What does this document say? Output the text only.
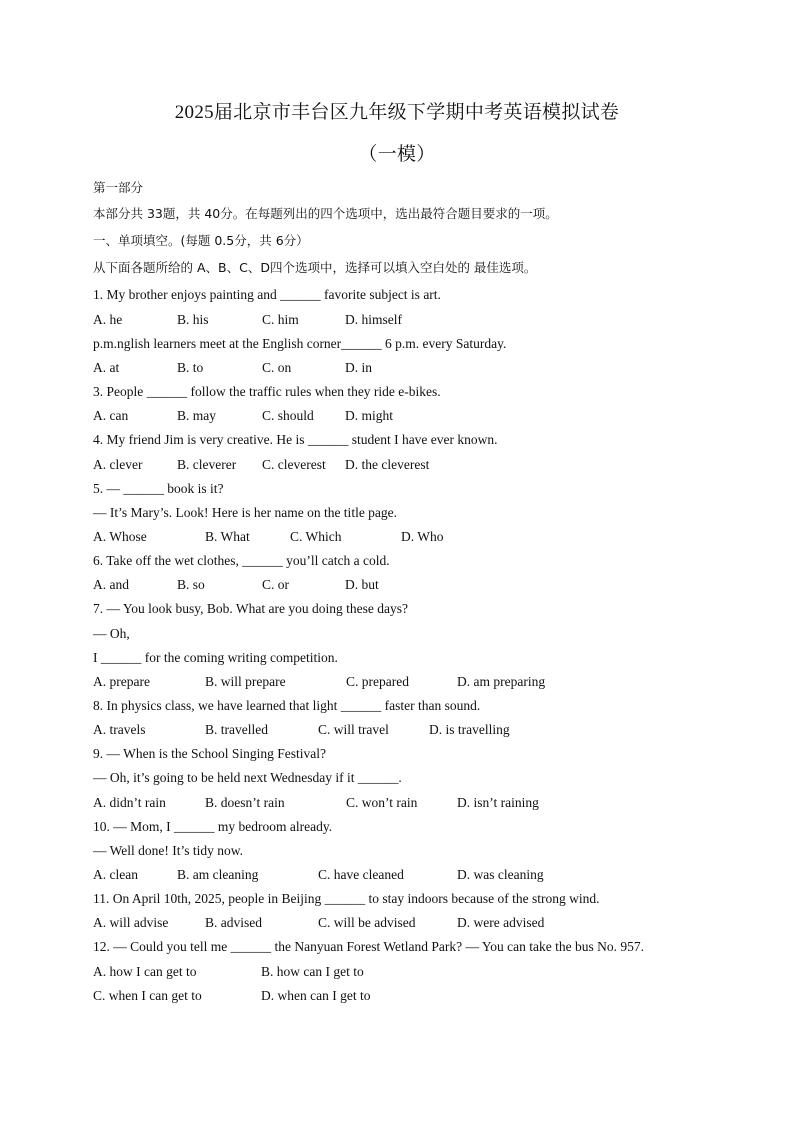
2025届北京市丰台区九年级下学期中考英语模拟试卷
（一模）
第一部分
本部分共 33题，共 40分。在每题列出的四个选项中，选出最符合题目要求的一项。
一、单项填空。(每题 0.5分，共 6分）
从下面各题所给的 A、B、C、D四个选项中，选择可以填入空白处的 最佳选项。
1. My brother enjoys painting and ______ favorite subject is art.
A. he	B. his	C. him	D. himself
p.m.nglish learners meet at the English corner______ 6 p.m. every Saturday.
A. at	B. to	C. on	D. in
3. People ______ follow the traffic rules when they ride e-bikes.
A. can	B. may	C. should D. might
4. My friend Jim is very creative. He is ______ student I have ever known.
A. clever	B. cleverer C. cleverest D. the cleverest
5. — ______ book is it?
— It’s Mary’s. Look! Here is her name on the title page.
A. Whose	B. What	C. Which	D. Who
6. Take off the wet clothes, ______ you’ll catch a cold.
A. and	B. so	C. or	D. but
7. — You look busy, Bob. What are you doing these days?
— Oh,
I ______ for the coming writing competition.
A. prepare	B. will prepare	C. prepared	D. am preparing
8. In physics class, we have learned that light ______ faster than sound.
A. travels	B. travelled	C. will travel	D. is travelling
9. — When is the School Singing Festival?
— Oh, it’s going to be held next Wednesday if it ______.
A. didn’t rain	B. doesn’t rain	C. won’t rain	D. isn’t raining
10. — Mom, I ______ my bedroom already.
— Well done! It’s tidy now.
A. clean	B. am cleaning	C. have cleaned	D. was cleaning
11. On April 10th, 2025, people in Beijing ______ to stay indoors because of the strong wind.
A. will advise	B. advised	C. will be advised	D. were advised
12. — Could you tell me ______ the Nanyuan Forest Wetland Park? — You can take the bus No. 957.
A. how I can get to	B. how can I get to
C. when I can get to	D. when can I get to
